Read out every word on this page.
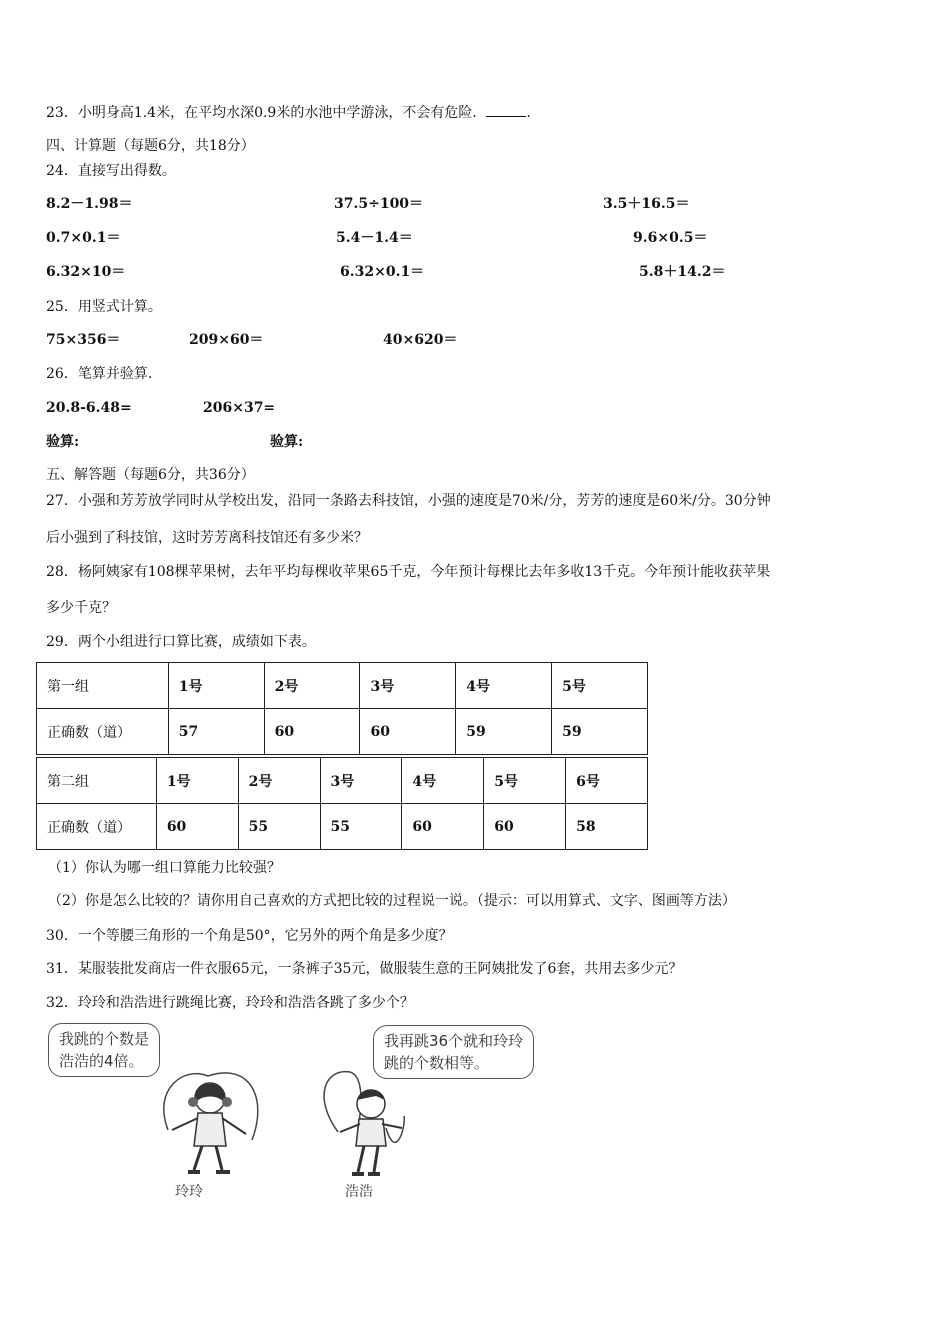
23．小明身高1.4米，在平均水深0.9米的水池中学游泳，不会有危险．	.
四、计算题（每题6分，共18分）
24．直接写出得数。
8.2－1.98＝	37.5÷100＝	3.5＋16.5＝
0.7×0.1＝	5.4－1.4＝	9.6×0.5＝
6.32×10＝	6.32×0.1＝	5.8＋14.2＝
25．用竖式计算。
75×356＝	209×60＝	40×620＝
26．笔算并验算.
20.8-6.48=	206×37=
验算:	验算:
五、解答题（每题6分，共36分）
27．小强和芳芳放学同时从学校出发，沿同一条路去科技馆，小强的速度是70米/分，芳芳的速度是60米/分。30分钟
后小强到了科技馆，这时芳芳离科技馆还有多少米？
28．杨阿姨家有108棵苹果树，去年平均每棵收苹果65千克，今年预计每棵比去年多收13千克。今年预计能收获苹果
多少千克？
29．两个小组进行口算比赛，成绩如下表。
第一组	1号	2号	3号	4号	5号
正确数（道）	57	60	60	59	59
第二组	1号	2号	3号	4号	5号	6号
正确数（道）	60	55	55	60	60	58
（1）你认为哪一组口算能力比较强？
（2）你是怎么比较的？请你用自己喜欢的方式把比较的过程说一说。（提示：可以用算式、文字、图画等方法）
30．一个等腰三角形的一个角是50°，它另外的两个角是多少度？
31．某服装批发商店一件衣服65元，一条裤子35元，做服装生意的王阿姨批发了6套，共用去多少元？
32．玲玲和浩浩进行跳绳比赛，玲玲和浩浩各跳了多少个？
我跳的个数是
浩浩的4倍。
我再跳36个就和玲玲
跳的个数相等。
玲玲	浩浩
